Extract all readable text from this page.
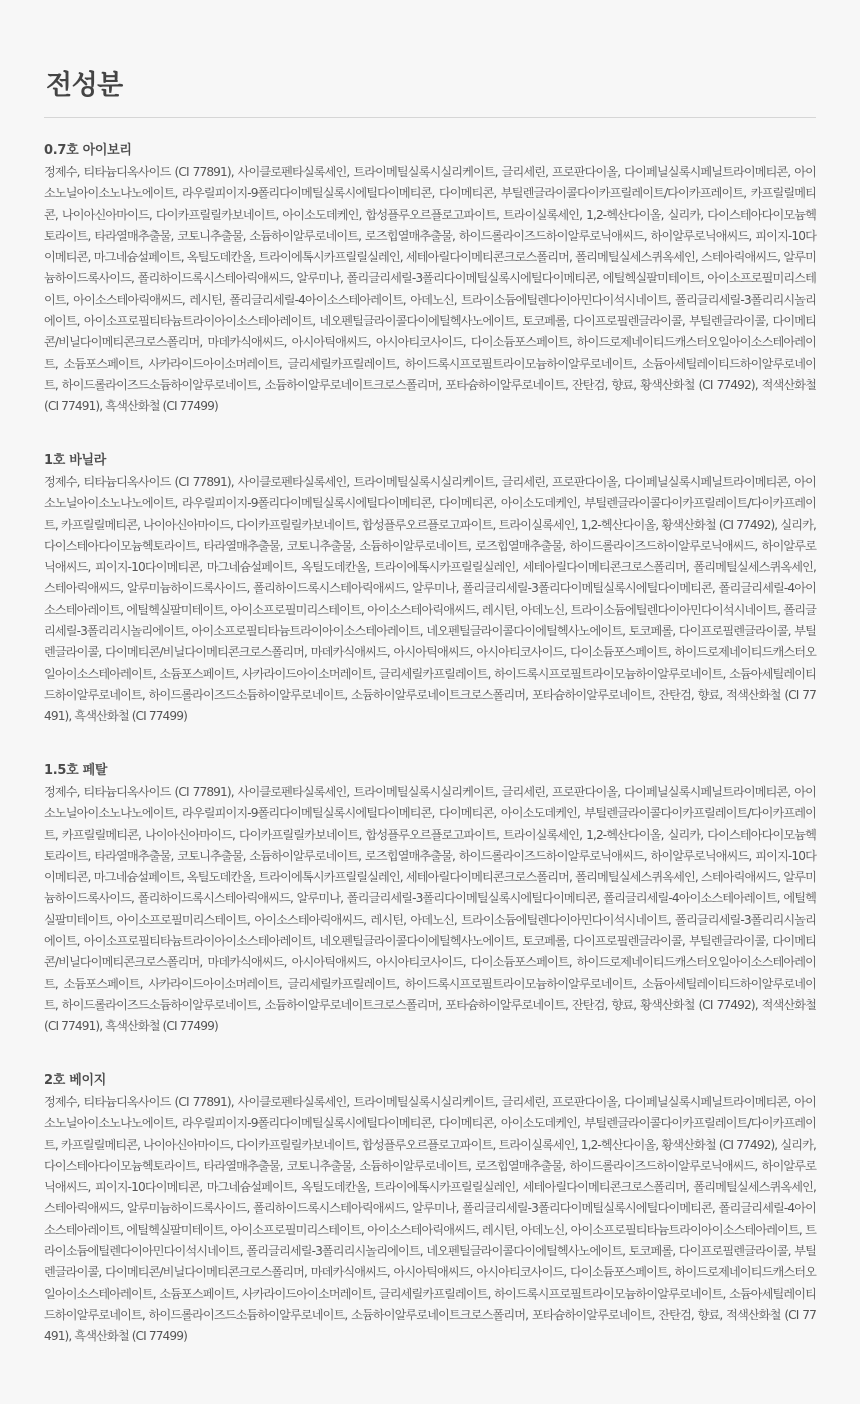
전성분
0.7호 아이보리

정제수, 티타늄디옥사이드 (CI 77891), 사이클로펜타실록세인, 트라이메틸실록시실리케이트, 글리세린, 프로판다이올, 다이페닐실록시페닐트라이메티콘, 아이소노닐아이소노나노에이트, 라우릴피이지-9폴리다이메틸실록시에틸다이메티콘, 다이메티콘, 부틸렌글라이콜다이카프릴레이트/다이카프레이트, 카프릴릴메티콘, 나이아신아마이드, 다이카프릴릴카보네이트, 아이소도데케인, 합성플루오르플로고파이트, 트라이실록세인, 1,2-헥산다이올, 실리카, 다이스테아다이모늄헥토라이트, 타라열매추출물, 코토니추출물, 소듐하이알루로네이트, 로즈힙열매추출물, 하이드롤라이즈드하이알루로닉애씨드, 하이알루로닉애씨드, 피이지-10다이메티콘, 마그네슘설페이트, 옥틸도데칸올, 트라이에톡시카프릴릴실레인, 세테아릴다이메티콘크로스폴리머, 폴리메틸실세스퀴옥세인, 스테아릭애씨드, 알루미늄하이드록사이드, 폴리하이드록시스테아릭애씨드, 알루미나, 폴리글리세릴-3폴리다이메틸실록시에틸다이메티콘, 에틸헥실팔미테이트, 아이소프로필미리스테이트, 아이소스테아릭애씨드, 레시틴, 폴리글리세릴-4아이소스테아레이트, 아데노신, 트라이소듐에틸렌다이아민다이석시네이트, 폴리글리세릴-3폴리리시놀리에이트, 아이소프로필티타늄트라이아이소스테아레이트, 네오펜틸글라이콜다이에틸헥사노에이트, 토코페롤, 다이프로필렌글라이콜, 부틸렌글라이콜, 다이메티콘/비닐다이메티콘크로스폴리머, 마데카식애씨드, 아시아틱애씨드, 아시아티코사이드, 다이소듐포스페이트, 하이드로제네이티드캐스터오일아이소스테아레이트, 소듐포스페이트, 사카라이드아이소머레이트, 글리세릴카프릴레이트, 하이드록시프로필트라이모늄하이알루로네이트, 소듐아세틸레이티드하이알루로네이트, 하이드롤라이즈드소듐하이알루로네이트, 소듐하이알루로네이트크로스폴리머, 포타슘하이알루로네이트, 잔탄검, 향료, 황색산화철 (CI 77492), 적색산화철 (CI 77491), 흑색산화철 (CI 77499)

1호 바닐라

정제수, 티타늄디옥사이드 (CI 77891), 사이클로펜타실록세인, 트라이메틸실록시실리케이트, 글리세린, 프로판다이올, 다이페닐실록시페닐트라이메티콘, 아이소노닐아이소노나노에이트, 라우릴피이지-9폴리다이메틸실록시에틸다이메티콘, 다이메티콘, 아이소도데케인, 부틸렌글라이콜다이카프릴레이트/다이카프레이트, 카프릴릴메티콘, 나이아신아마이드, 다이카프릴릴카보네이트, 합성플루오르플로고파이트, 트라이실록세인, 1,2-헥산다이올, 황색산화철 (CI 77492), 실리카, 다이스테아다이모늄헥토라이트, 타라열매추출물, 코토니추출물, 소듐하이알루로네이트, 로즈힙열매추출물, 하이드롤라이즈드하이알루로닉애씨드, 하이알루로닉애씨드, 피이지-10다이메티콘, 마그네슘설페이트, 옥틸도데칸올, 트라이에톡시카프릴릴실레인, 세테아릴다이메티콘크로스폴리머, 폴리메틸실세스퀴옥세인, 스테아릭애씨드, 알루미늄하이드록사이드, 폴리하이드록시스테아릭애씨드, 알루미나, 폴리글리세릴-3폴리다이메틸실록시에틸다이메티콘, 폴리글리세릴-4아이소스테아레이트, 에틸헥실팔미테이트, 아이소프로필미리스테이트, 아이소스테아릭애씨드, 레시틴, 아데노신, 트라이소듐에틸렌다이아민다이석시네이트, 폴리글리세릴-3폴리리시놀리에이트, 아이소프로필티타늄트라이아이소스테아레이트, 네오펜틸글라이콜다이에틸헥사노에이트, 토코페롤, 다이프로필렌글라이콜, 부틸렌글라이콜, 다이메티콘/비닐다이메티콘크로스폴리머, 마데카식애씨드, 아시아틱애씨드, 아시아티코사이드, 다이소듐포스페이트, 하이드로제네이티드캐스터오일아이소스테아레이트, 소듐포스페이트, 사카라이드아이소머레이트, 글리세릴카프릴레이트, 하이드록시프로필트라이모늄하이알루로네이트, 소듐아세틸레이티드하이알루로네이트, 하이드롤라이즈드소듐하이알루로네이트, 소듐하이알루로네이트크로스폴리머, 포타슘하이알루로네이트, 잔탄검, 향료, 적색산화철 (CI 77491), 흑색산화철 (CI 77499)

1.5호 페탈

정제수, 티타늄디옥사이드 (CI 77891), 사이클로펜타실록세인, 트라이메틸실록시실리케이트, 글리세린, 프로판다이올, 다이페닐실록시페닐트라이메티콘, 아이소노닐아이소노나노에이트, 라우릴피이지-9폴리다이메틸실록시에틸다이메티콘, 다이메티콘, 아이소도데케인, 부틸렌글라이콜다이카프릴레이트/다이카프레이트, 카프릴릴메티콘, 나이아신아마이드, 다이카프릴릴카보네이트, 합성플루오르플로고파이트, 트라이실록세인, 1,2-헥산다이올, 실리카, 다이스테아다이모늄헥토라이트, 타라열매추출물, 코토니추출물, 소듐하이알루로네이트, 로즈힙열매추출물, 하이드롤라이즈드하이알루로닉애씨드, 하이알루로닉애씨드, 피이지-10다이메티콘, 마그네슘설페이트, 옥틸도데칸올, 트라이에톡시카프릴릴실레인, 세테아릴다이메티콘크로스폴리머, 폴리메틸실세스퀴옥세인, 스테아릭애씨드, 알루미늄하이드록사이드, 폴리하이드록시스테아릭애씨드, 알루미나, 폴리글리세릴-3폴리다이메틸실록시에틸다이메티콘, 폴리글리세릴-4아이소스테아레이트, 에틸헥실팔미테이트, 아이소프로필미리스테이트, 아이소스테아릭애씨드, 레시틴, 아데노신, 트라이소듐에틸렌다이아민다이석시네이트, 폴리글리세릴-3폴리리시놀리에이트, 아이소프로필티타늄트라이아이소스테아레이트, 네오펜틸글라이콜다이에틸헥사노에이트, 토코페롤, 다이프로필렌글라이콜, 부틸렌글라이콜, 다이메티콘/비닐다이메티콘크로스폴리머, 마데카식애씨드, 아시아틱애씨드, 아시아티코사이드, 다이소듐포스페이트, 하이드로제네이티드캐스터오일아이소스테아레이트, 소듐포스페이트, 사카라이드아이소머레이트, 글리세릴카프릴레이트, 하이드록시프로필트라이모늄하이알루로네이트, 소듐아세틸레이티드하이알루로네이트, 하이드롤라이즈드소듐하이알루로네이트, 소듐하이알루로네이트크로스폴리머, 포타슘하이알루로네이트, 잔탄검, 향료, 황색산화철 (CI 77492), 적색산화철 (CI 77491), 흑색산화철 (CI 77499)

2호 베이지

정제수, 티타늄디옥사이드 (CI 77891), 사이클로펜타실록세인, 트라이메틸실록시실리케이트, 글리세린, 프로판다이올, 다이페닐실록시페닐트라이메티콘, 아이소노닐아이소노나노에이트, 라우릴피이지-9폴리다이메틸실록시에틸다이메티콘, 다이메티콘, 아이소도데케인, 부틸렌글라이콜다이카프릴레이트/다이카프레이트, 카프릴릴메티콘, 나이아신아마이드, 다이카프릴릴카보네이트, 합성플루오르플로고파이트, 트라이실록세인, 1,2-헥산다이올, 황색산화철 (CI 77492), 실리카, 다이스테아다이모늄헥토라이트, 타라열매추출물, 코토니추출물, 소듐하이알루로네이트, 로즈힙열매추출물, 하이드롤라이즈드하이알루로닉애씨드, 하이알루로닉애씨드, 피이지-10다이메티콘, 마그네슘설페이트, 옥틸도데칸올, 트라이에톡시카프릴릴실레인, 세테아릴다이메티콘크로스폴리머, 폴리메틸실세스퀴옥세인, 스테아릭애씨드, 알루미늄하이드록사이드, 폴리하이드록시스테아릭애씨드, 알루미나, 폴리글리세릴-3폴리다이메틸실록시에틸다이메티콘, 폴리글리세릴-4아이소스테아레이트, 에틸헥실팔미테이트, 아이소프로필미리스테이트, 아이소스테아릭애씨드, 레시틴, 아데노신, 아이소프로필티타늄트라이아이소스테아레이트, 트라이소듐에틸렌다이아민다이석시네이트, 폴리글리세릴-3폴리리시놀리에이트, 네오펜틸글라이콜다이에틸헥사노에이트, 토코페롤, 다이프로필렌글라이콜, 부틸렌글라이콜, 다이메티콘/비닐다이메티콘크로스폴리머, 마데카식애씨드, 아시아틱애씨드, 아시아티코사이드, 다이소듐포스페이트, 하이드로제네이티드캐스터오일아이소스테아레이트, 소듐포스페이트, 사카라이드아이소머레이트, 글리세릴카프릴레이트, 하이드록시프로필트라이모늄하이알루로네이트, 소듐아세틸레이티드하이알루로네이트, 하이드롤라이즈드소듐하이알루로네이트, 소듐하이알루로네이트크로스폴리머, 포타슘하이알루로네이트, 잔탄검, 향료, 적색산화철 (CI 77491), 흑색산화철 (CI 77499)
